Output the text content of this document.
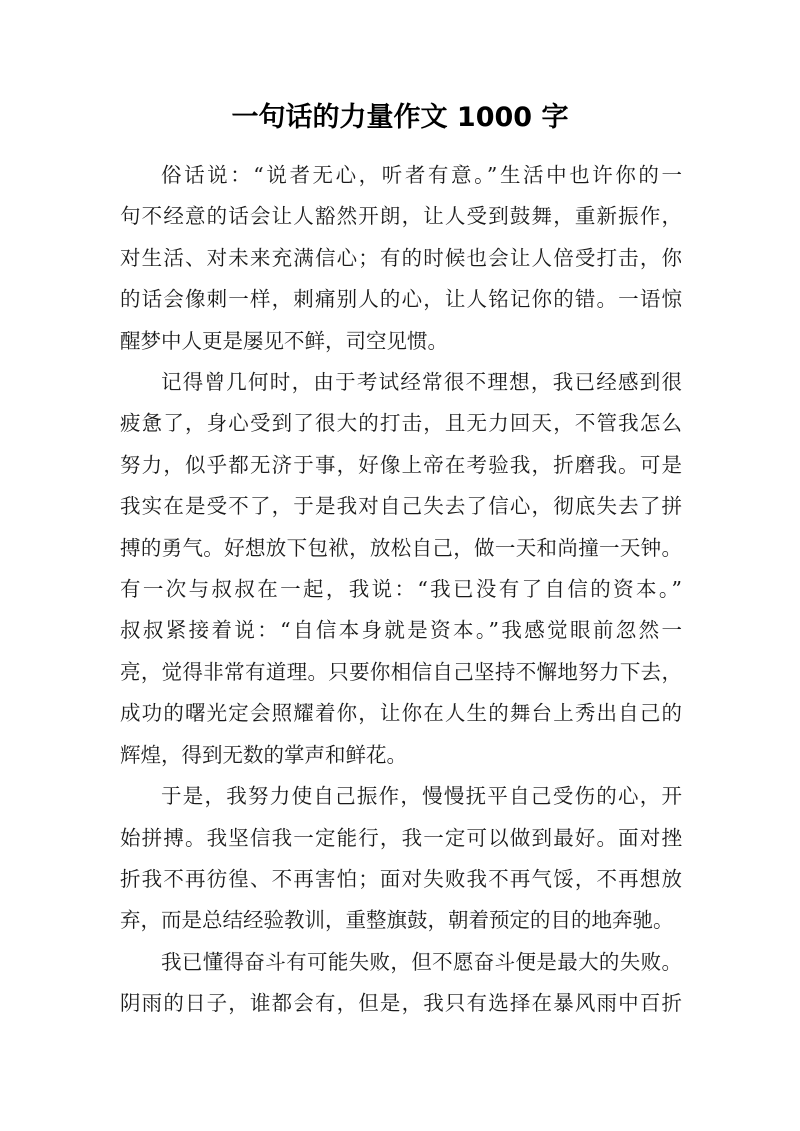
一句话的力量作文 1000 字

俗话说：“说者无心，听者有意。”生活中也许你的一
句不经意的话会让人豁然开朗，让人受到鼓舞，重新振作，
对生活、对未来充满信心；有的时候也会让人倍受打击，你
的话会像刺一样，刺痛别人的心，让人铭记你的错。一语惊
醒梦中人更是屡见不鲜，司空见惯。

记得曾几何时，由于考试经常很不理想，我已经感到很
疲惫了，身心受到了很大的打击，且无力回天，不管我怎么
努力，似乎都无济于事，好像上帝在考验我，折磨我。可是
我实在是受不了，于是我对自己失去了信心，彻底失去了拼
搏的勇气。好想放下包袱，放松自己，做一天和尚撞一天钟。
有一次与叔叔在一起，我说：“我已没有了自信的资本。”
叔叔紧接着说：“自信本身就是资本。”我感觉眼前忽然一
亮，觉得非常有道理。只要你相信自己坚持不懈地努力下去，
成功的曙光定会照耀着你，让你在人生的舞台上秀出自己的
辉煌，得到无数的掌声和鲜花。

于是，我努力使自己振作，慢慢抚平自己受伤的心，开
始拼搏。我坚信我一定能行，我一定可以做到最好。面对挫
折我不再彷徨、不再害怕；面对失败我不再气馁，不再想放
弃，而是总结经验教训，重整旗鼓，朝着预定的目的地奔驰。

我已懂得奋斗有可能失败，但不愿奋斗便是最大的失败。
阴雨的日子，谁都会有，但是，我只有选择在暴风雨中百折
